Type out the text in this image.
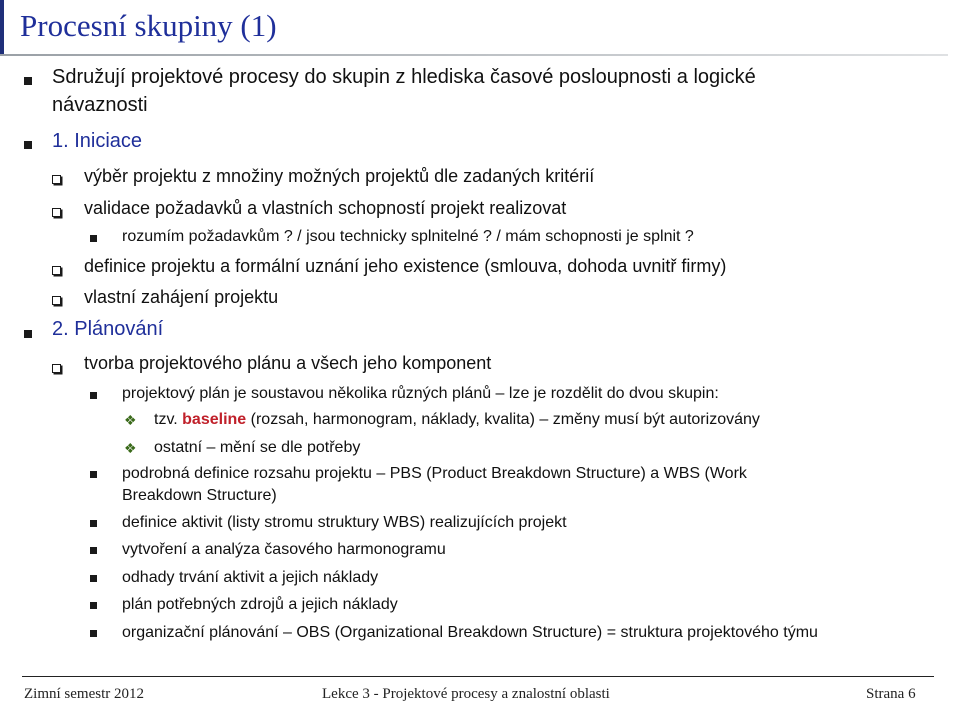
Procesní skupiny (1)
Sdružují projektové procesy do skupin z hlediska časové posloupnosti a logické
návaznosti
1. Iniciace
výběr projektu z množiny možných projektů dle zadaných kritérií
validace požadavků a vlastních schopností projekt realizovat
rozumím požadavkům ? / jsou technicky splnitelné ? / mám schopnosti je splnit ?
definice projektu a formální uznání jeho existence (smlouva, dohoda uvnitř firmy)
vlastní zahájení projektu
2. Plánování
tvorba projektového plánu a všech jeho komponent
projektový plán je soustavou několika různých plánů – lze je rozdělit do dvou skupin:
❖ tzv. baseline (rozsah, harmonogram, náklady, kvalita) – změny musí být autorizovány
❖ ostatní – mění se dle potřeby
podrobná definice rozsahu projektu – PBS (Product Breakdown Structure) a WBS (Work
Breakdown Structure)
definice aktivit (listy stromu struktury WBS) realizujících projekt
vytvoření a analýza časového harmonogramu
odhady trvání aktivit a jejich náklady
plán potřebných zdrojů a jejich náklady
organizační plánování – OBS (Organizational Breakdown Structure) = struktura projektového týmu
Zimní semestr 2012	Lekce 3 - Projektové procesy a znalostní oblasti	Strana 6
